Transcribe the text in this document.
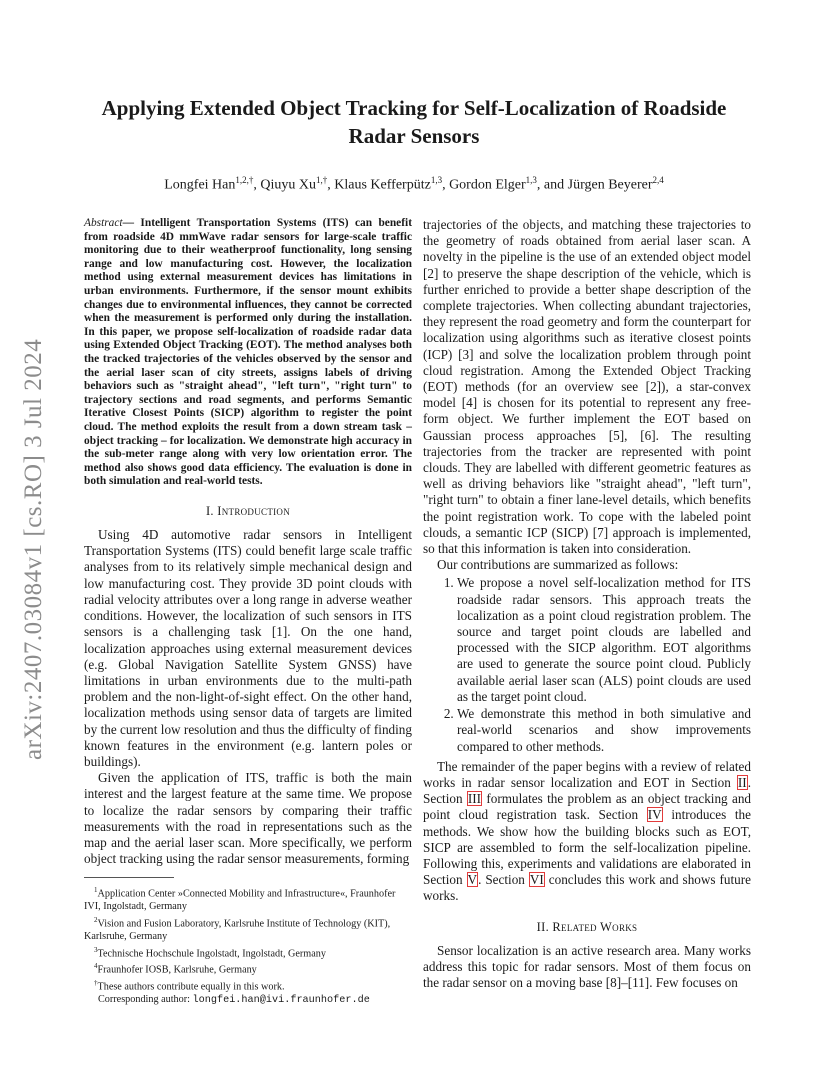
arXiv:2407.03084v1 [cs.RO] 3 Jul 2024
Applying Extended Object Tracking for Self-Localization of Roadside Radar Sensors
Longfei Han$^{1,2,\dagger}$, Qiuyu $Xu^{1,\dagger}$, Klaus Kefferpütz$^{1,3}$, Gordon Elger$^{1,3}$, and Jürgen Beyerer$^{2,4}$

Abstract— Intelligent Transportation Systems (ITS) can benefit from roadside 4D mmWave radar sensors for large-scale traffic monitoring due to their weatherproof functionality, long sensing range and low manufacturing cost. However, the localization method using external measurement devices has limitations in urban environments. Furthermore, if the sensor mount exhibits changes due to environmental influences, they cannot be corrected when the measurement is performed only during the installation. In this paper, we propose self-localization of roadside radar data using Extended Object Tracking (EOT). The method analyses both the tracked trajectories of the vehicles observed by the sensor and the aerial laser scan of city streets, assigns labels of driving behaviors such as "straight ahead", "left turn", "right turn" to trajectory sections and road segments, and performs Semantic Iterative Closest Points (SICP) algorithm to register the point cloud. The method exploits the result from a down stream task – object tracking – for localization. We demonstrate high accuracy in the sub-meter range along with very low orientation error. The method also shows good data efficiency. The evaluation is done in both simulation and real-world tests.

I. Introduction

Using 4D automotive radar sensors in Intelligent Transportation Systems (ITS) could benefit large scale traffic analyses from to its relatively simple mechanical design and low manufacturing cost. They provide 3D point clouds with radial velocity attributes over a long range in adverse weather conditions. However, the localization of such sensors in ITS sensors is a challenging task [1]. On the one hand, localization approaches using external measurement devices (e.g. Global Navigation Satellite System GNSS) have limitations in urban environments due to the multi-path problem and the non-light-of-sight effect. On the other hand, localization methods using sensor data of targets are limited by the current low resolution and thus the difficulty of finding known features in the environment (e.g. lantern poles or buildings).

Given the application of ITS, traffic is both the main interest and the largest feature at the same time. We propose to localize the radar sensors by comparing their traffic measurements with the road in representations such as the map and the aerial laser scan. More specifically, we perform object tracking using the radar sensor measurements, forming

$^1$Application Center »Connected Mobility and Infrastructure«, Fraunhofer IVI, Ingolstadt, Germany
$^2$Vision and Fusion Laboratory, Karlsruhe Institute of Technology (KIT), Karlsruhe, Germany
$^3$Technische Hochschule Ingolstadt, Ingolstadt, Germany
$^4$Fraunhofer IOSB, Karlsruhe, Germany
†These authors contribute equally in this work.
Corresponding author: longfei.han@ivi.fraunhofer.de

trajectories of the objects, and matching these trajectories to the geometry of roads obtained from aerial laser scan. A novelty in the pipeline is the use of an extended object model [2] to preserve the shape description of the vehicle, which is further enriched to provide a better shape description of the complete trajectories. When collecting abundant trajectories, they represent the road geometry and form the counterpart for localization using algorithms such as iterative closest points (ICP) [3] and solve the localization problem through point cloud registration. Among the Extended Object Tracking (EOT) methods (for an overview see [2]), a star-convex model [4] is chosen for its potential to represent any free-form object. We further implement the EOT based on Gaussian process approaches [5], [6]. The resulting trajectories from the tracker are represented with point clouds. They are labelled with different geometric features as well as driving behaviors like "straight ahead", "left turn", "right turn" to obtain a finer lane-level details, which benefits the point registration work. To cope with the labeled point clouds, a semantic ICP (SICP) [7] approach is implemented, so that this information is taken into consideration.

Our contributions are summarized as follows:

1. We propose a novel self-localization method for ITS roadside radar sensors. This approach treats the localization as a point cloud registration problem. The source and target point clouds are labelled and processed with the SICP algorithm. EOT algorithms are used to generate the source point cloud. Publicly available aerial laser scan (ALS) point clouds are used as the target point cloud.
2. We demonstrate this method in both simulative and real-world scenarios and show improvements compared to other methods.

The remainder of the paper begins with a review of related works in radar sensor localization and EOT in Section II. Section III formulates the problem as an object tracking and point cloud registration task. Section IV introduces the methods. We show how the building blocks such as EOT, SICP are assembled to form the self-localization pipeline. Following this, experiments and validations are elaborated in Section V. Section VI concludes this work and shows future works.

II. Related Works

Sensor localization is an active research area. Many works address this topic for radar sensors. Most of them focus on the radar sensor on a moving base [8]–[11]. Few focuses on
